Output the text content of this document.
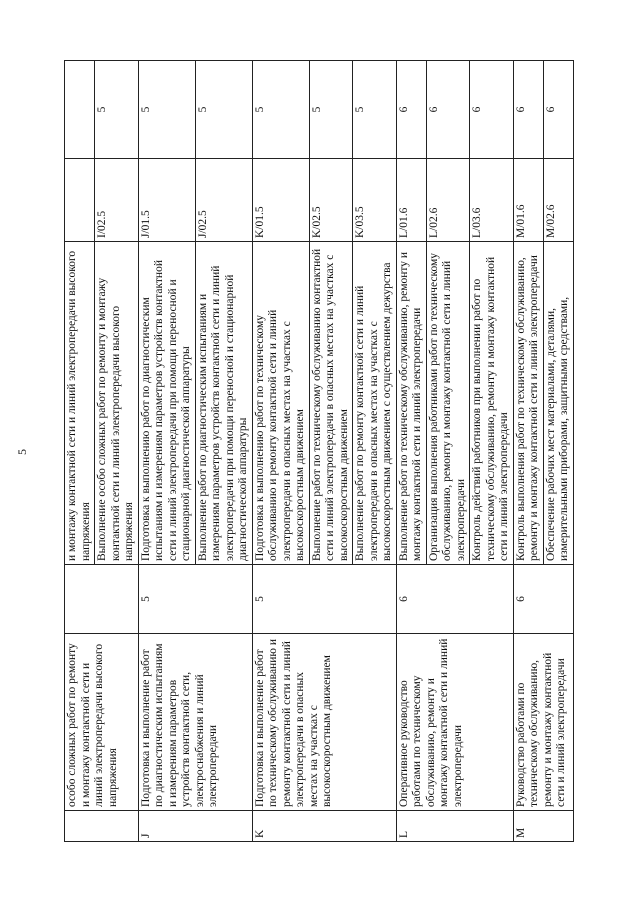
5
	особо сложных работ по ремонту и монтажу контактной сети и линий электропередачи высокого напряжения		и монтажу контактной сети и линий электропередачи высокого напряжения		
			Выполнение особо сложных работ по ремонту и монтажу контактной сети и линий электропередачи высокого напряжения	I/02.5	5
J	Подготовка и выполнение работ по диагностическим испытаниям и измерениям параметров устройств контактной сети, электроснабжения и линий электропередачи	5	Подготовка к выполнению работ по диагностическим испытаниям и измерениям параметров устройств контактной сети и линий электропередачи при помощи переносной и стационарной диагностической аппаратуры	J/01.5	5
			Выполнение работ по диагностическим испытаниям и измерениям параметров устройств контактной сети и линий электропередачи при помощи переносной и стационарной диагностической аппаратуры	J/02.5	5
K	Подготовка и выполнение работ по техническому обслуживанию и ремонту контактной сети и линий электропередачи в опасных местах на участках с высокоскоростным движением	5	Подготовка к выполнению работ по техническому обслуживанию и ремонту контактной сети и линий электропередачи в опасных местах на участках с высокоскоростным движением	K/01.5	5
			Выполнение работ по техническому обслуживанию контактной сети и линий электропередачи в опасных местах на участках с высокоскоростным движением	K/02.5	5
			Выполнение работ по ремонту контактной сети и линий электропередачи в опасных местах на участках с высокоскоростным движением с осуществлением дежурства	K/03.5	5
L	Оперативное руководство работами по техническому обслуживанию, ремонту и монтажу контактной сети и линий электропередачи	6	Выполнение работ по техническому обслуживанию, ремонту и монтажу контактной сети и линий электропередачи	L/01.6	6
			Организация выполнения работниками работ по техническому обслуживанию, ремонту и монтажу контактной сети и линий электропередачи	L/02.6	6
			Контроль действий работников при выполнении работ по техническому обслуживанию, ремонту и монтажу контактной сети и линий электропередачи	L/03.6	6
M	Руководство работами по техническому обслуживанию, ремонту и монтажу контактной сети и линий электропередачи	6	Контроль выполнения работ по техническому обслуживанию, ремонту и монтажу контактной сети и линий электропередачи	M/01.6	6
			Обеспечение рабочих мест материалами, деталями, измерительными приборами, защитными средствами,	M/02.6	6
